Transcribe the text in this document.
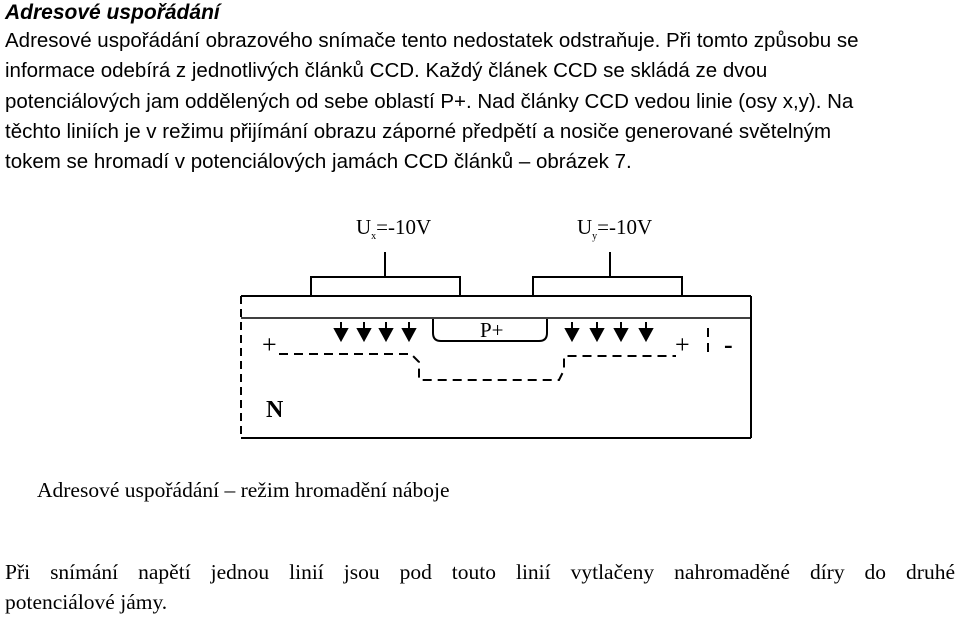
Adresové uspořádání
Adresové uspořádání obrazového snímače tento nedostatek odstraňuje. Při tomto způsobu se
informace odebírá z jednotlivých článků CCD. Každý článek CCD se skládá ze dvou
potenciálových jam oddělených od sebe oblastí P+. Nad články CCD vedou linie (osy x,y). Na
těchto liniích je v režimu přijímání obrazu záporné předpětí a nosiče generované světelným
tokem se hromadí v potenciálových jamách CCD článků – obrázek 7.
$U_x=-10V$	$U_y=-10V$
P+
+	+ -
N
Adresové uspořádání – režim hromadění náboje
Při snímání napětí jednou linií jsou pod touto linií vytlačeny nahromaděné díry do druhé
potenciálové jámy.
